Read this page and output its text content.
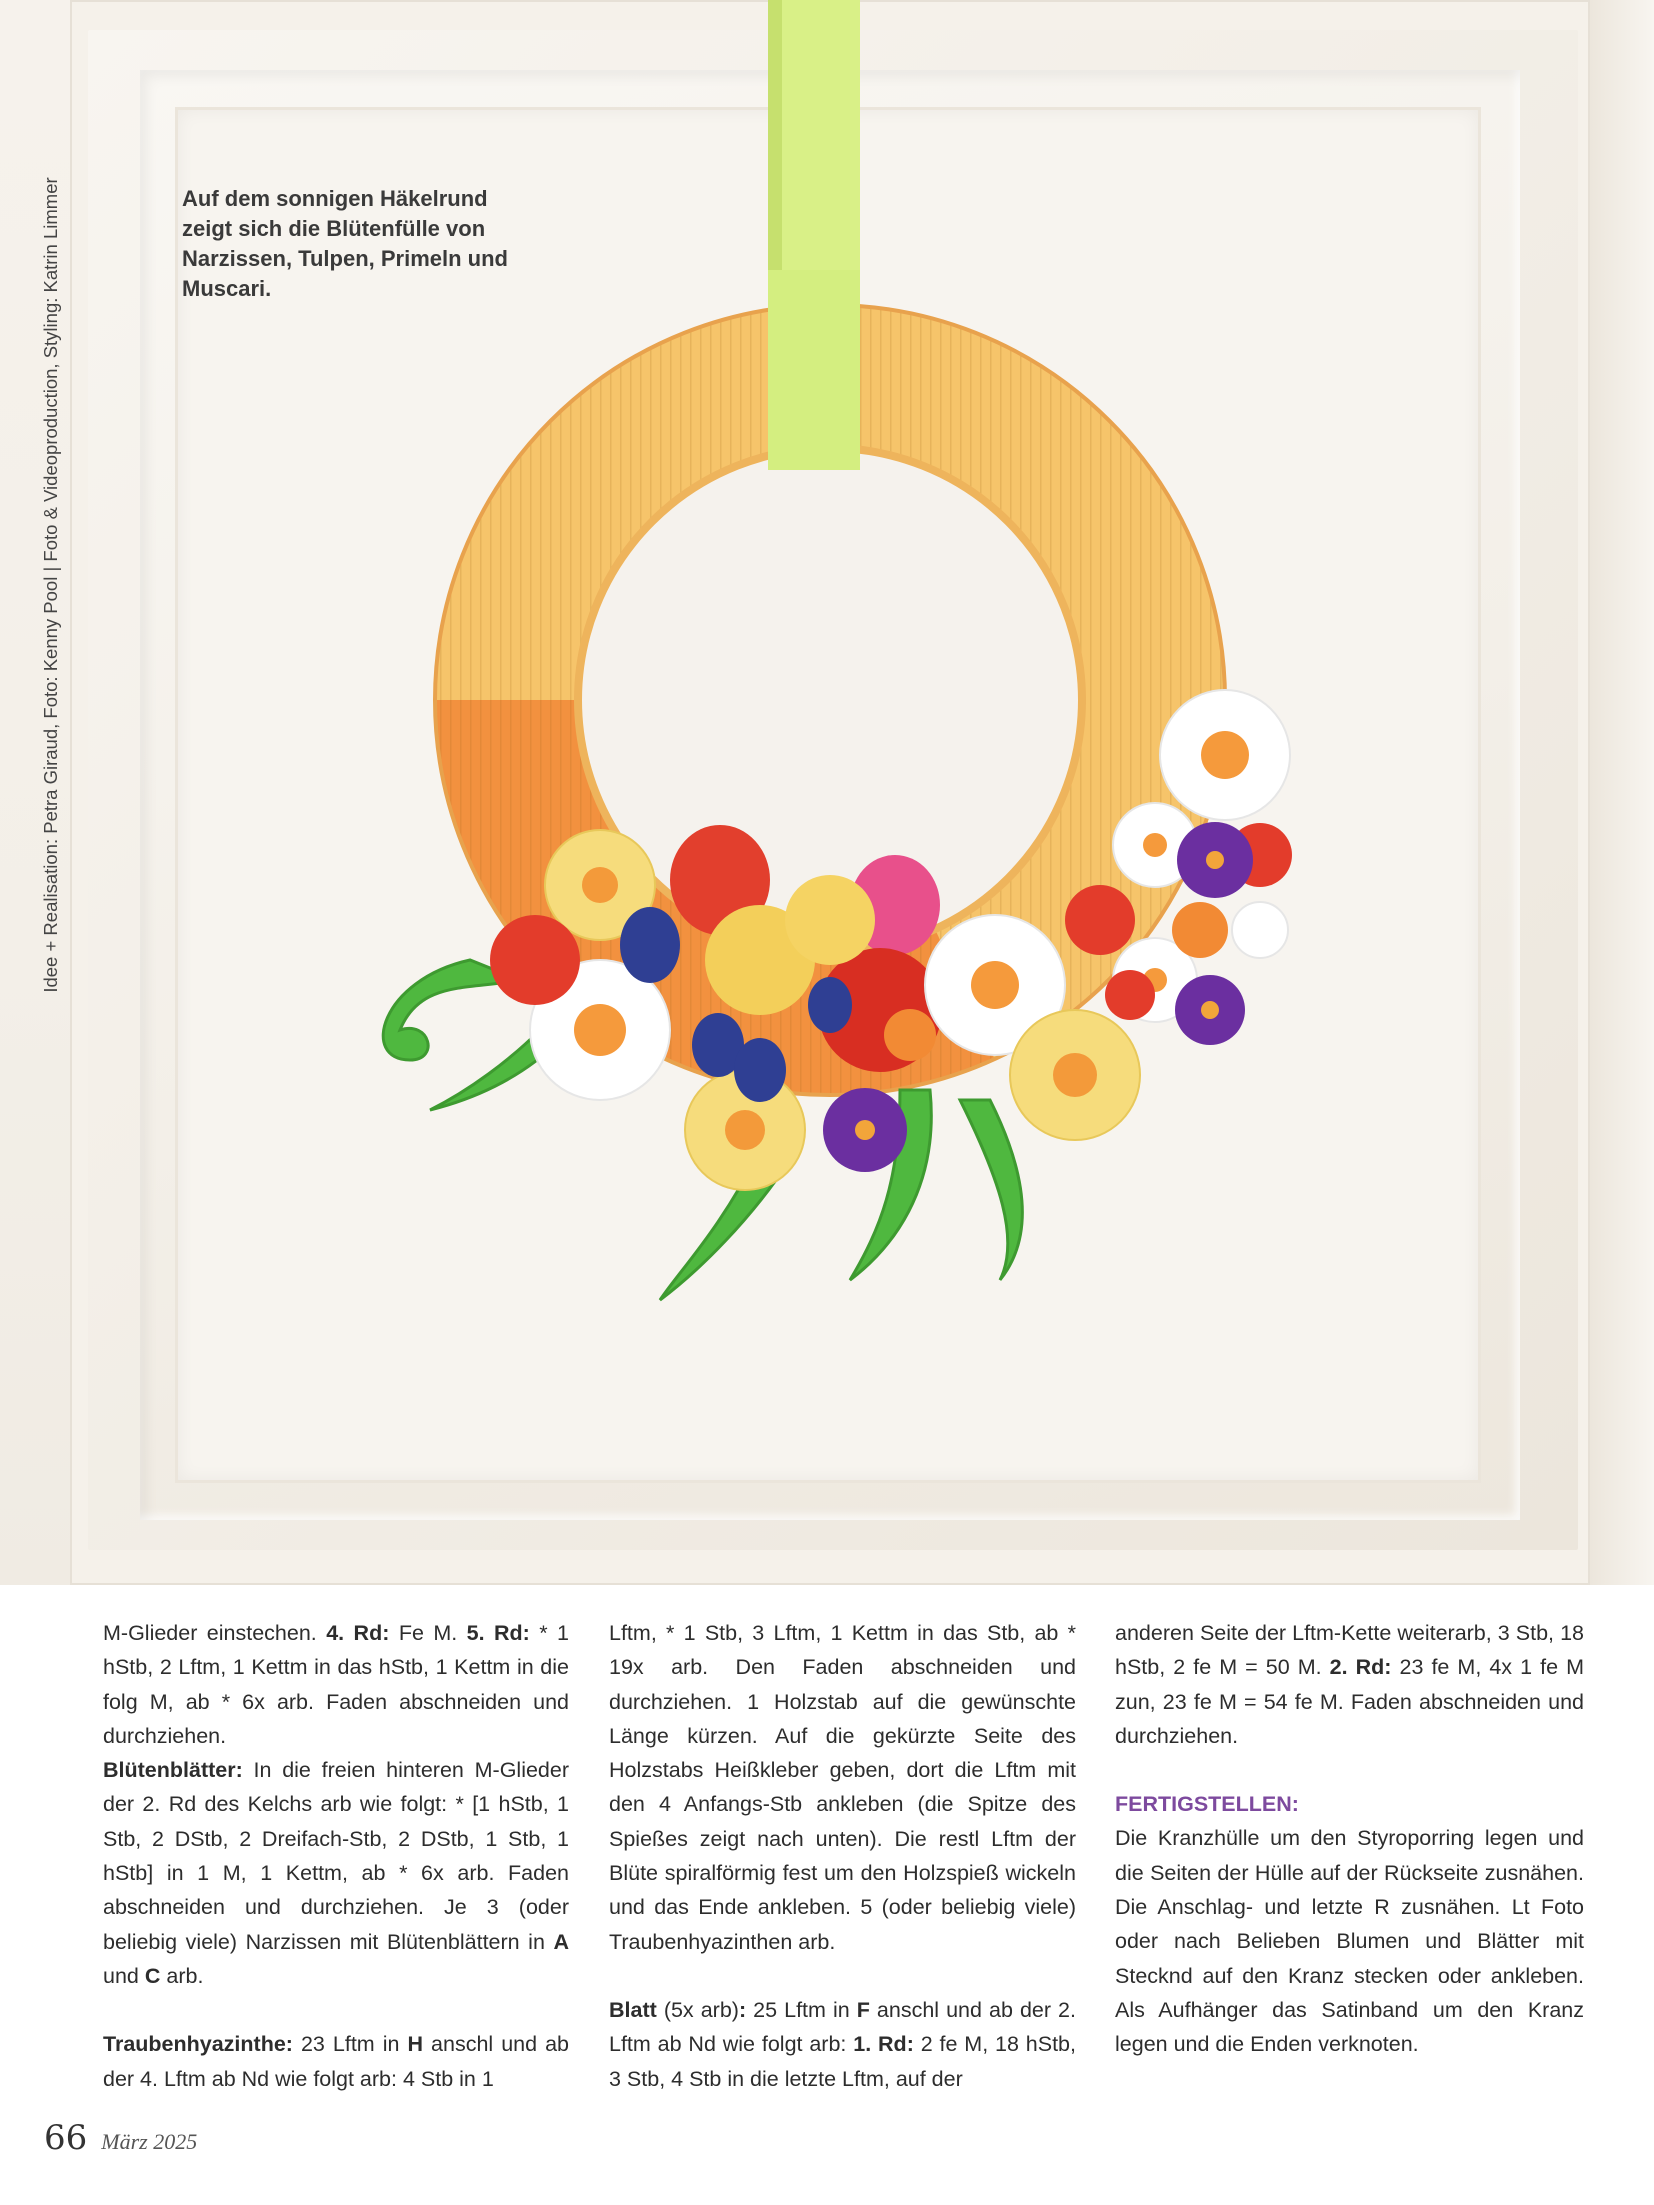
Idee + Realisation: Petra Giraud, Foto: Kenny Pool | Foto & Videoproduction, Styling: Katrin Limmer	Auf dem sonnigen Häkelrund zeigt sich die Blütenfülle von Narzissen, Tulpen, Primeln und Muscari.

M-Glieder einstechen. 4. Rd: Fe M. 5. Rd: * 1 hStb, 2 Lftm, 1 Kettm in das hStb, 1 Kettm in die folg M, ab * 6x arb. Faden abschneiden und durchziehen.

Blütenblätter: In die freien hinteren M-Glieder der 2. Rd des Kelchs arb wie folgt: * [1 hStb, 1 Stb, 2 DStb, 2 Dreifach-Stb, 2 DStb, 1 Stb, 1 hStb] in 1 M, 1 Kettm, ab * 6x arb. Faden abschneiden und durchziehen. Je 3 (oder beliebig viele) Narzissen mit Blütenblättern in A und C arb.

Traubenhyazinthe: 23 Lftm in H anschl und ab der 4. Lftm ab Nd wie folgt arb: 4 Stb in 1

Lftm, * 1 Stb, 3 Lftm, 1 Kettm in das Stb, ab * 19x arb. Den Faden abschneiden und durchziehen. 1 Holzstab auf die gewünschte Länge kürzen. Auf die gekürzte Seite des Holzstabs Heißkleber geben, dort die Lftm mit den 4 Anfangs-Stb ankleben (die Spitze des Spießes zeigt nach unten). Die restl Lftm der Blüte spiralförmig fest um den Holzspieß wickeln und das Ende ankleben. 5 (oder beliebig viele) Traubenhyazinthen arb.

Blatt (5x arb): 25 Lftm in F anschl und ab der 2. Lftm ab Nd wie folgt arb: 1. Rd: 2 fe M, 18 hStb, 3 Stb, 4 Stb in die letzte Lftm, auf der

anderen Seite der Lftm-Kette weiterarb, 3 Stb, 18 hStb, 2 fe M = 50 M. 2. Rd: 23 fe M, 4x 1 fe M zun, 23 fe M = 54 fe M. Faden abschneiden und durchziehen.

FERTIGSTELLEN:

Die Kranzhülle um den Styroporring legen und die Seiten der Hülle auf der Rückseite zusnähen. Die Anschlag- und letzte R zusnähen. Lt Foto oder nach Belieben Blumen und Blätter mit Stecknd auf den Kranz stecken oder ankleben. Als Aufhänger das Satinband um den Kranz legen und die Enden verknoten.

66 März 2025
